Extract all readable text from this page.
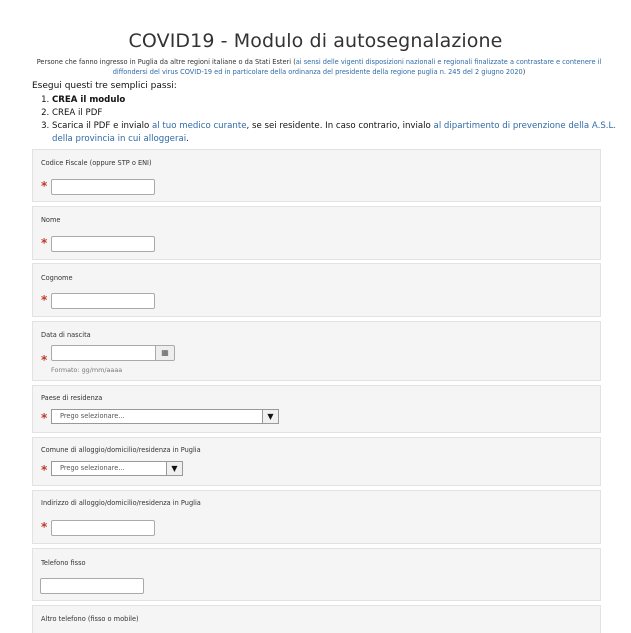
COVID19 - Modulo di autosegnalazione
Persone che fanno ingresso in Puglia da altre regioni italiane o da Stati Esteri (ai sensi delle vigenti disposizioni nazionali e regionali finalizzate a contrastare e contenere il diffondersi del virus COVID-19 ed in particolare della ordinanza del presidente della regione puglia n. 245 del 2 giugno 2020)
Esegui questi tre semplici passi:
1. CREA il modulo
2. CREA il PDF
3. Scarica il PDF e invialo al tuo medico curante, se sei residente. In caso contrario, invialo al dipartimento di prevenzione della A.S.L. della provincia in cui alloggerai.
Codice Fiscale (oppure STP o ENI)
*
Nome
*
Cognome
*
Data di nascita
*
▦
Formato: gg/mm/aaaa
Paese di residenza
*	Prego selezionare...	▼
Comune di alloggio/domicilio/residenza in Puglia
*	Prego selezionare...	▼
Indirizzo di alloggio/domicilio/residenza in Puglia
*
Telefono fisso
Altro telefono (fisso o mobile)
